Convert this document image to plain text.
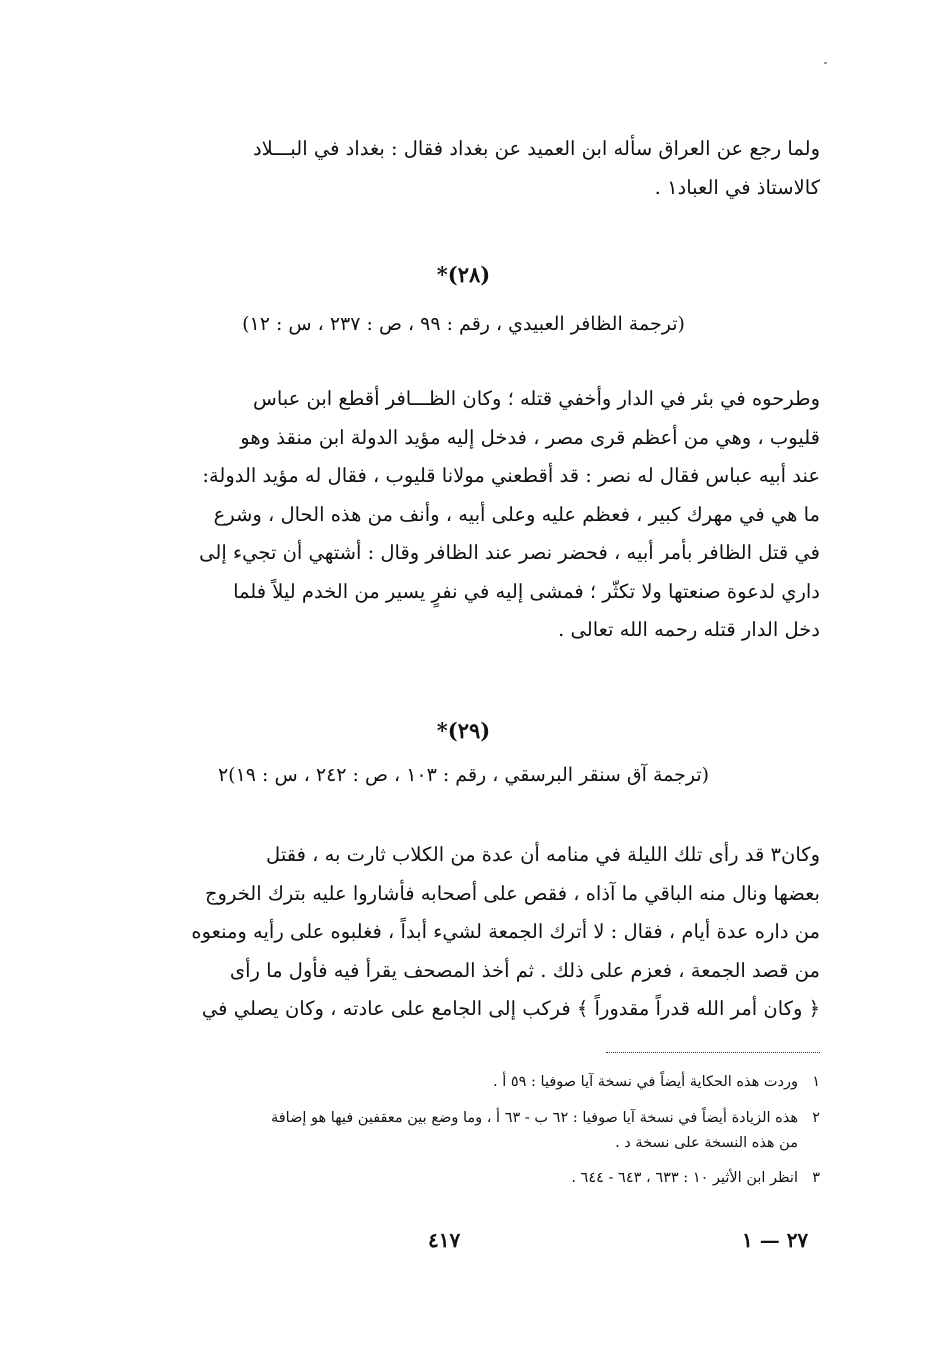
ولما رجع عن العراق سأله ابن العميد عن بغداد فقال : بغداد في البـــلاد

كالاستاذ في العباد١ .

(٢٨)*
(ترجمة الظافر العبيدي ، رقم : ٩٩ ، ص : ٢٣٧ ، س : ١٢)

وطرحوه في بئر في الدار وأخفي قتله ؛ وكان الظـــافر أقطع ابن عباس

قليوب ، وهي من أعظم قرى مصر ، فدخل إليه مؤيد الدولة ابن منقذ وهو

عند أبيه عباس فقال له نصر : قد أقطعني مولانا قليوب ، فقال له مؤيد الدولة:

ما هي في مهرك كبير ، فعظم عليه وعلى أبيه ، وأنف من هذه الحال ، وشرع

في قتل الظافر بأمر أبيه ، فحضر نصر عند الظافر وقال : أشتهي أن تجيء إلى

داري لدعوة صنعتها ولا تكثّر ؛ فمشى إليه في نفرٍ يسير من الخدم ليلاً فلما

دخل الدار قتله رحمه الله تعالى .

(٢٩)*
(ترجمة آق سنقر البرسقي ، رقم : ١٠٣ ، ص : ٢٤٢ ، س : ١٩)٢

وكان٣ قد رأى تلك الليلة في منامه أن عدة من الكلاب ثارت به ، فقتل

بعضها ونال منه الباقي ما آذاه ، فقص على أصحابه فأشاروا عليه بترك الخروج

من داره عدة أيام ، فقال : لا أترك الجمعة لشيء أبداً ، فغلبوه على رأيه ومنعوه

من قصد الجمعة ، فعزم على ذلك . ثم أخذ المصحف يقرأ فيه فأول ما رأى

﴿ وكان أمر الله قدراً مقدوراً ﴾ فركب إلى الجامع على عادته ، وكان يصلي في

١وردت هذه الحكاية أيضاً في نسخة آيا صوفيا : ٥٩ أ .
٢هذه الزيادة أيضاً في نسخة آيا صوفيا : ٦٢ ب - ٦٣ أ ، وما وضع بين معقفين فيها هو إضافة
من هذه النسخة على نسخة د .
٣انظر ابن الأثير ١٠ : ٦٣٣ ، ٦٤٣ - ٦٤٤ .
٤١٧	٢٧ — ١
